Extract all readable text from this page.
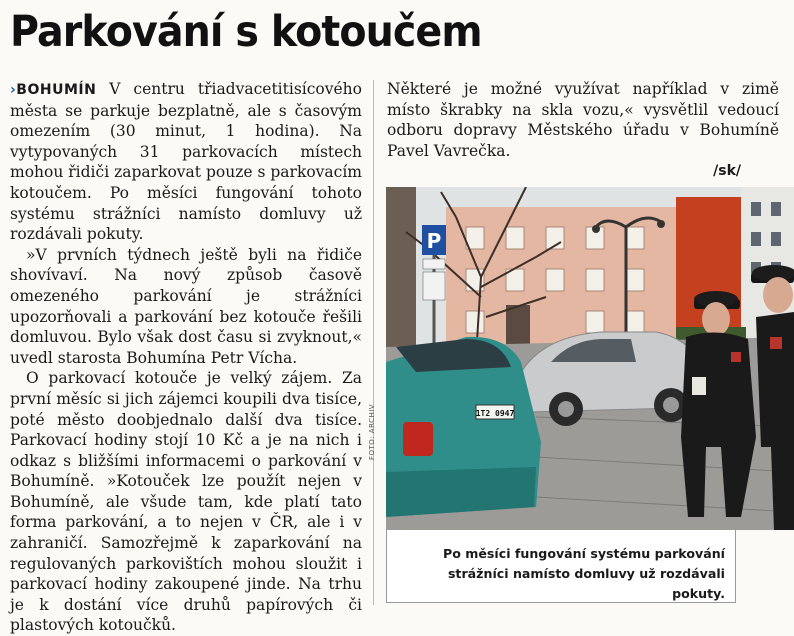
Parkování s kotoučem

›BOHUMÍN V centru třiadvacetitisícového města se parkuje bezplatně, ale s časovým omezením (30 minut, 1 hodina). Na vytypovaných 31 parkovacích místech mohou řidiči zaparkovat pouze s parkovacím kotoučem. Po měsíci fungování tohoto systému strážníci namísto domluvy už rozdávali pokuty.

»V prvních týdnech ještě byli na řidiče shovívaví. Na nový způsob časově omezeného parkování je strážníci upozorňovali a parkování bez kotouče řešili domluvou. Bylo však dost času si zvyknout,« uvedl starosta Bohumína Petr Vícha.

O parkovací kotouče je velký zájem. Za první měsíc si jich zájemci koupili dva tisíce, poté město doobjednalo další dva tisíce. Parkovací hodiny stojí 10 Kč a je na nich i odkaz s bližšími informacemi o parkování v Bohumíně. »Kotouček lze použít nejen v Bohumíně, ale všude tam, kde platí tato forma parkování, a to nejen v ČR, ale i v zahraničí. Samozřejmě k zaparkování na regulovaných parkovištích mohou sloužit i parkovací hodiny zakoupené jinde. Na trhu je k dostání více druhů papírových či plastových kotoučků.

Některé je možné využívat například v zimě místo škrabky na skla vozu,« vysvětlil vedoucí odboru dopravy Městského úřadu v Bohumíně Pavel Vavrečka.

/sk/
P
1T2 0947
FOTO: ARCHIV
Po měsíci fungování systému parkování strážníci namísto domluvy už rozdávali pokuty.
